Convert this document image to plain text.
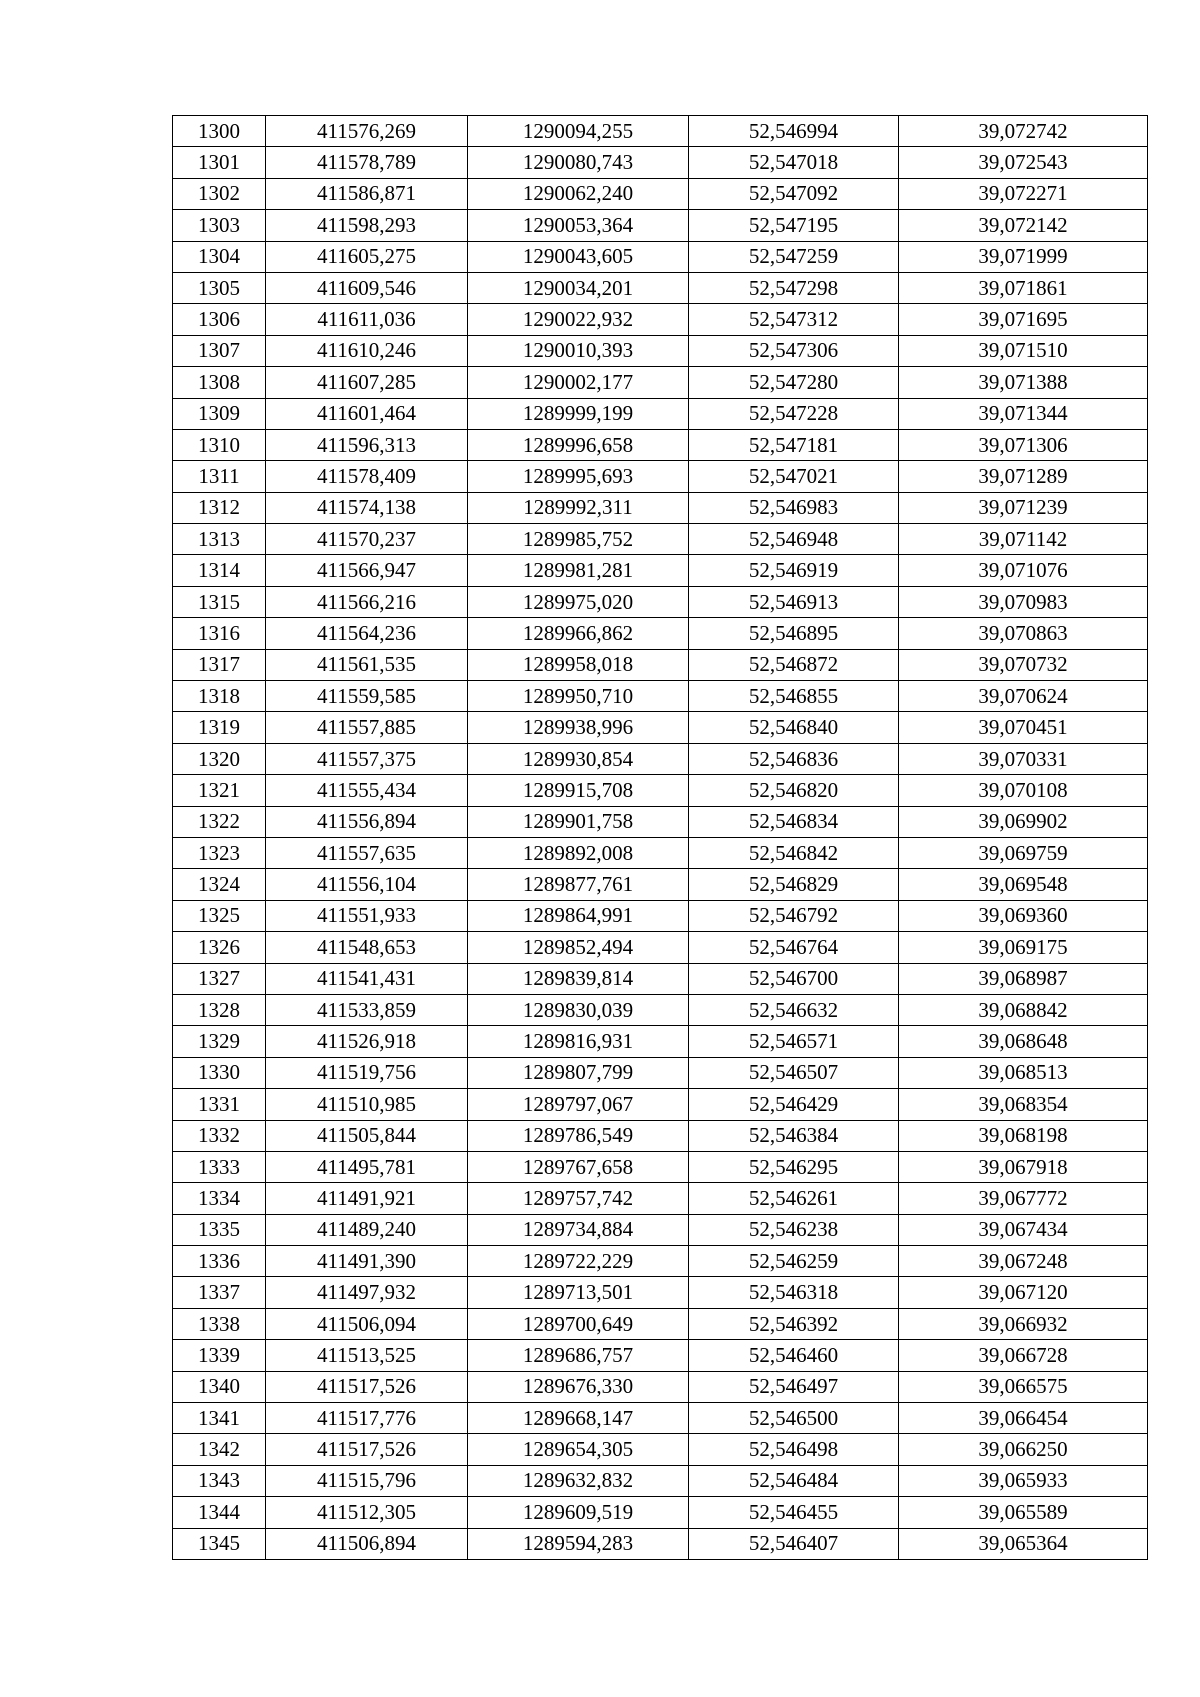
1300	411576,269	1290094,255	52,546994	39,072742
1301	411578,789	1290080,743	52,547018	39,072543
1302	411586,871	1290062,240	52,547092	39,072271
1303	411598,293	1290053,364	52,547195	39,072142
1304	411605,275	1290043,605	52,547259	39,071999
1305	411609,546	1290034,201	52,547298	39,071861
1306	411611,036	1290022,932	52,547312	39,071695
1307	411610,246	1290010,393	52,547306	39,071510
1308	411607,285	1290002,177	52,547280	39,071388
1309	411601,464	1289999,199	52,547228	39,071344
1310	411596,313	1289996,658	52,547181	39,071306
1311	411578,409	1289995,693	52,547021	39,071289
1312	411574,138	1289992,311	52,546983	39,071239
1313	411570,237	1289985,752	52,546948	39,071142
1314	411566,947	1289981,281	52,546919	39,071076
1315	411566,216	1289975,020	52,546913	39,070983
1316	411564,236	1289966,862	52,546895	39,070863
1317	411561,535	1289958,018	52,546872	39,070732
1318	411559,585	1289950,710	52,546855	39,070624
1319	411557,885	1289938,996	52,546840	39,070451
1320	411557,375	1289930,854	52,546836	39,070331
1321	411555,434	1289915,708	52,546820	39,070108
1322	411556,894	1289901,758	52,546834	39,069902
1323	411557,635	1289892,008	52,546842	39,069759
1324	411556,104	1289877,761	52,546829	39,069548
1325	411551,933	1289864,991	52,546792	39,069360
1326	411548,653	1289852,494	52,546764	39,069175
1327	411541,431	1289839,814	52,546700	39,068987
1328	411533,859	1289830,039	52,546632	39,068842
1329	411526,918	1289816,931	52,546571	39,068648
1330	411519,756	1289807,799	52,546507	39,068513
1331	411510,985	1289797,067	52,546429	39,068354
1332	411505,844	1289786,549	52,546384	39,068198
1333	411495,781	1289767,658	52,546295	39,067918
1334	411491,921	1289757,742	52,546261	39,067772
1335	411489,240	1289734,884	52,546238	39,067434
1336	411491,390	1289722,229	52,546259	39,067248
1337	411497,932	1289713,501	52,546318	39,067120
1338	411506,094	1289700,649	52,546392	39,066932
1339	411513,525	1289686,757	52,546460	39,066728
1340	411517,526	1289676,330	52,546497	39,066575
1341	411517,776	1289668,147	52,546500	39,066454
1342	411517,526	1289654,305	52,546498	39,066250
1343	411515,796	1289632,832	52,546484	39,065933
1344	411512,305	1289609,519	52,546455	39,065589
1345	411506,894	1289594,283	52,546407	39,065364
